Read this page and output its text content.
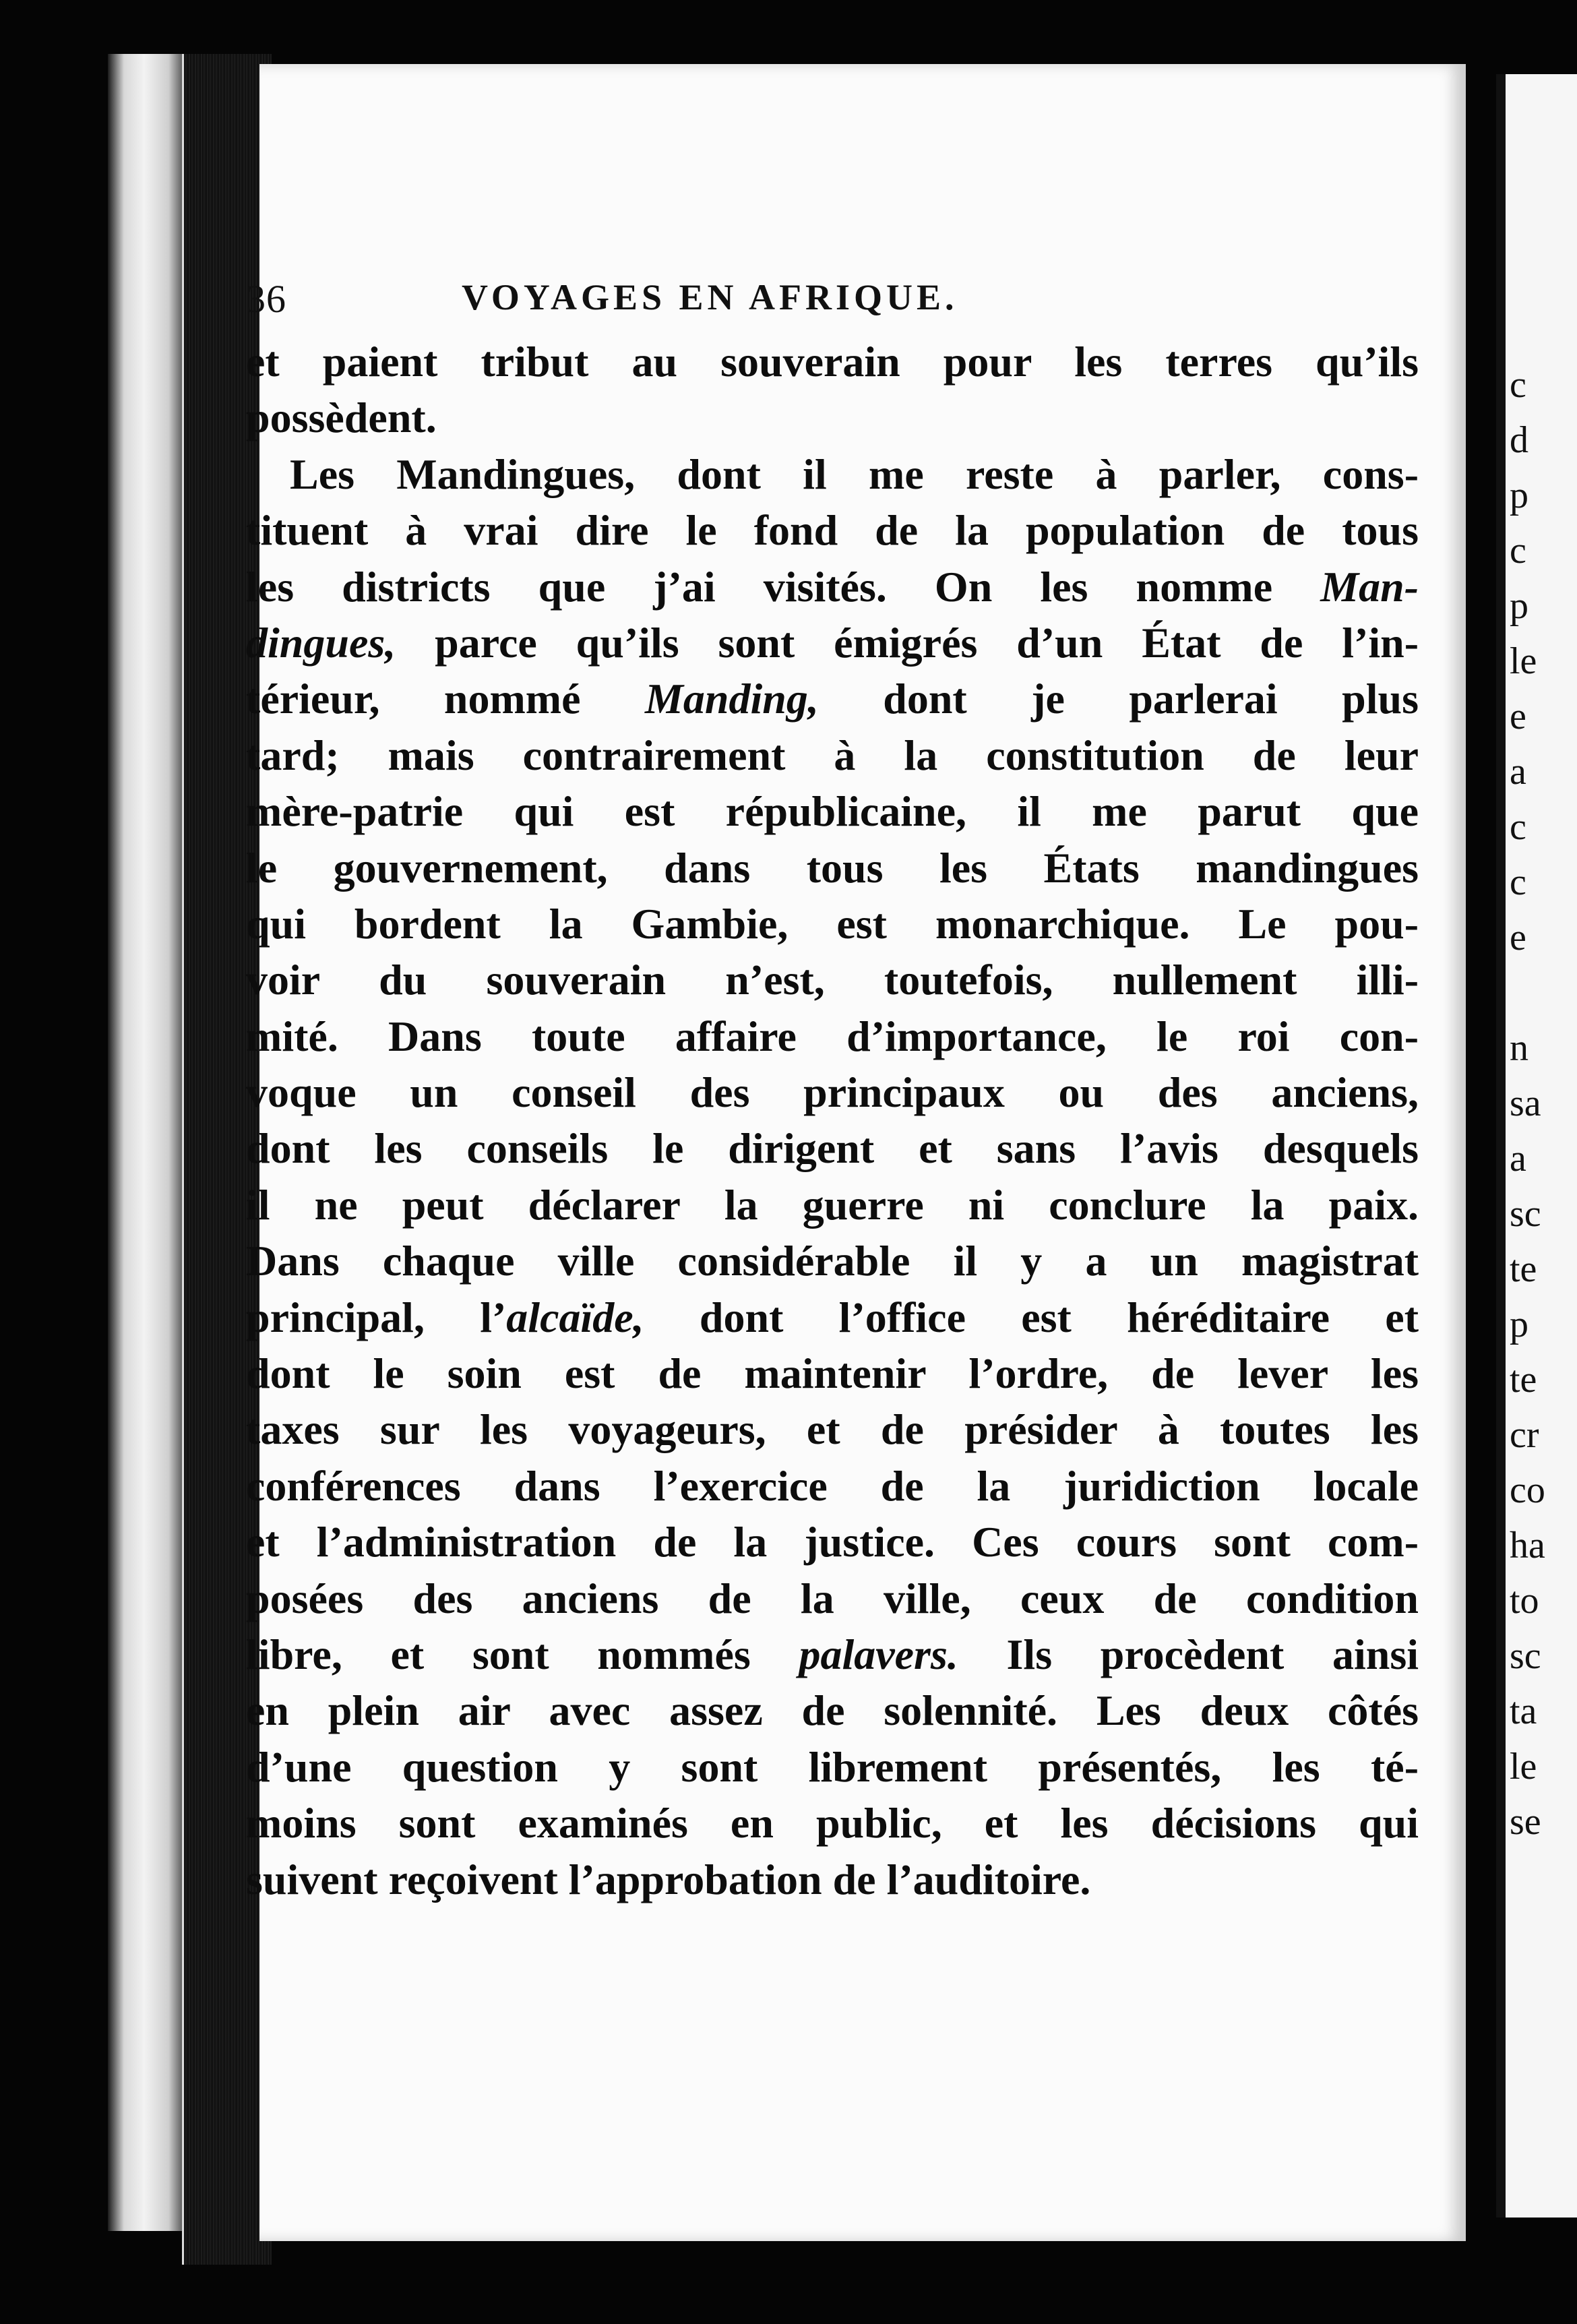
c
d
p
c
p
le
e
a
c
c
e
n
sa
a
sc
te
p
te
cr
co
ha
to
sc
ta
le
se
36	VOYAGES EN AFRIQUE.
et paient tribut au souverain pour les terres qu’ils
possèdent.
Les Mandingues, dont il me reste à parler, cons-
tituent à vrai dire le fond de la population de tous
les districts que j’ai visités. On les nomme Man-
dingues, parce qu’ils sont émigrés d’un État de l’in-
térieur, nommé Manding, dont je parlerai plus
tard; mais contrairement à la constitution de leur
mère-patrie qui est républicaine, il me parut que
le gouvernement, dans tous les États mandingues
qui bordent la Gambie, est monarchique. Le pou-
voir du souverain n’est, toutefois, nullement illi-
mité. Dans toute affaire d’importance, le roi con-
voque un conseil des principaux ou des anciens,
dont les conseils le dirigent et sans l’avis desquels
il ne peut déclarer la guerre ni conclure la paix.
Dans chaque ville considérable il y a un magistrat
principal, l’alcaïde, dont l’office est héréditaire et
dont le soin est de maintenir l’ordre, de lever les
taxes sur les voyageurs, et de présider à toutes les
conférences dans l’exercice de la juridiction locale
et l’administration de la justice. Ces cours sont com-
posées des anciens de la ville, ceux de condition
libre, et sont nommés palavers. Ils procèdent ainsi
en plein air avec assez de solennité. Les deux côtés
d’une question y sont librement présentés, les té-
moins sont examinés en public, et les décisions qui
suivent reçoivent l’approbation de l’auditoire.
